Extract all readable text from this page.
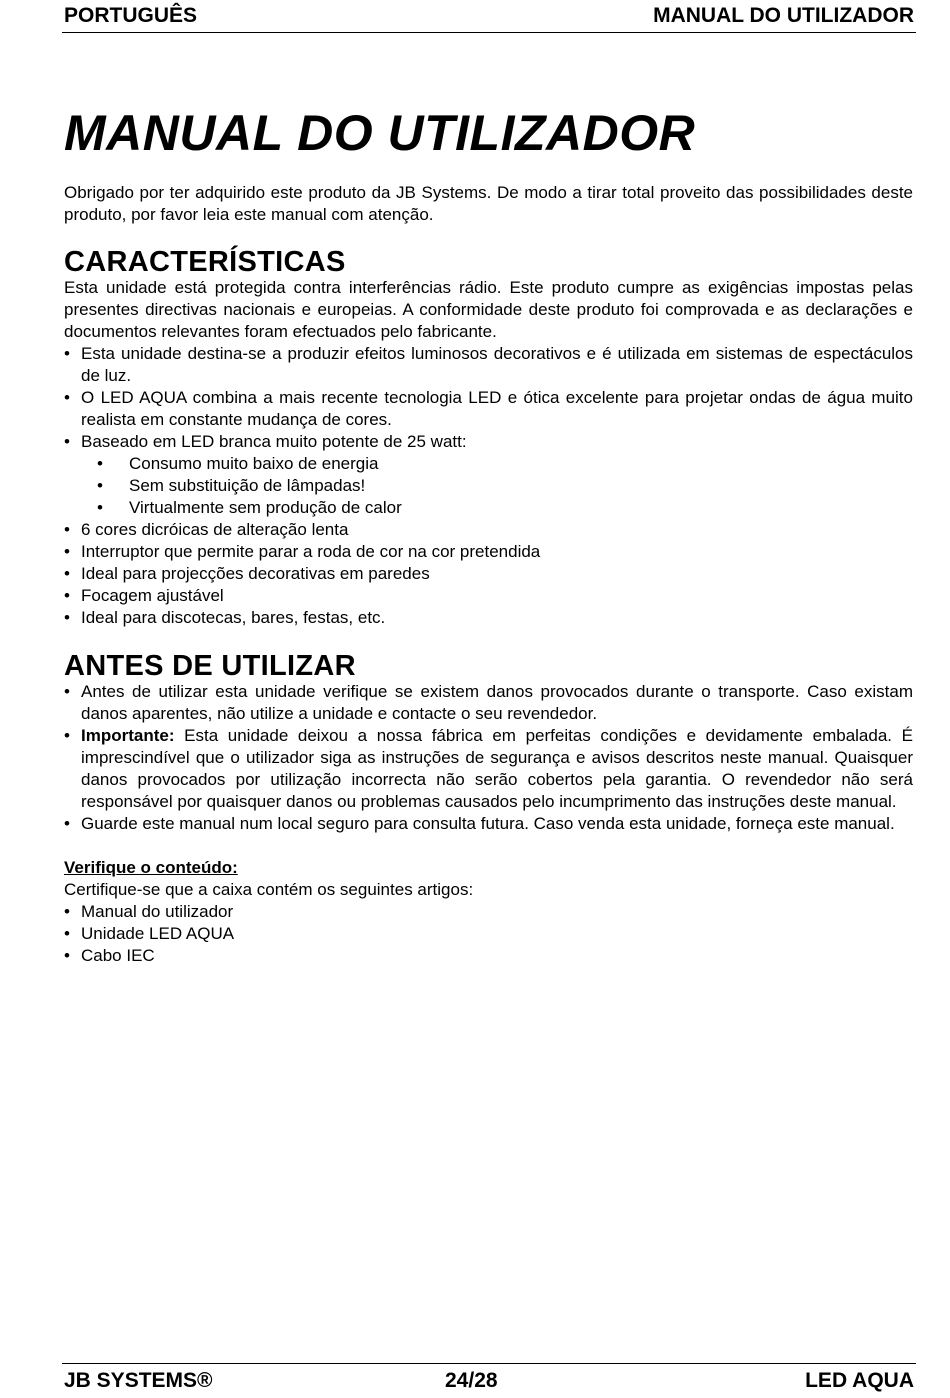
PORTUGUÊS	MANUAL DO UTILIZADOR
MANUAL DO UTILIZADOR

Obrigado por ter adquirido este produto da JB Systems. De modo a tirar total proveito das possibilidades deste produto, por favor leia este manual com atenção.

CARACTERÍSTICAS

Esta unidade está protegida contra interferências rádio. Este produto cumpre as exigências impostas pelas presentes directivas nacionais e europeias. A conformidade deste produto foi comprovada e as declarações e documentos relevantes foram efectuados pelo fabricante.

• Esta unidade destina-se a produzir efeitos luminosos decorativos e é utilizada em sistemas de espectáculos de luz.
• O LED AQUA combina a mais recente tecnologia LED e ótica excelente para projetar ondas de água muito realista em constante mudança de cores.
• Baseado em LED branca muito potente de 25 watt:
• Consumo muito baixo de energia
• Sem substituição de lâmpadas!
• Virtualmente sem produção de calor
• 6 cores dicróicas de alteração lenta
• Interruptor que permite parar a roda de cor na cor pretendida
• Ideal para projecções decorativas em paredes
• Focagem ajustável
• Ideal para discotecas, bares, festas, etc.
ANTES DE UTILIZAR
• Antes de utilizar esta unidade verifique se existem danos provocados durante o transporte. Caso existam danos aparentes, não utilize a unidade e contacte o seu revendedor.
• Importante: Esta unidade deixou a nossa fábrica em perfeitas condições e devidamente embalada. É imprescindível que o utilizador siga as instruções de segurança e avisos descritos neste manual. Quaisquer danos provocados por utilização incorrecta não serão cobertos pela garantia. O revendedor não será responsável por quaisquer danos ou problemas causados pelo incumprimento das instruções deste manual.
• Guarde este manual num local seguro para consulta futura. Caso venda esta unidade, forneça este manual.

Verifique o conteúdo:

Certifique-se que a caixa contém os seguintes artigos:

• Manual do utilizador
• Unidade LED AQUA
• Cabo IEC
JB SYSTEMS®	24/28	LED AQUA
